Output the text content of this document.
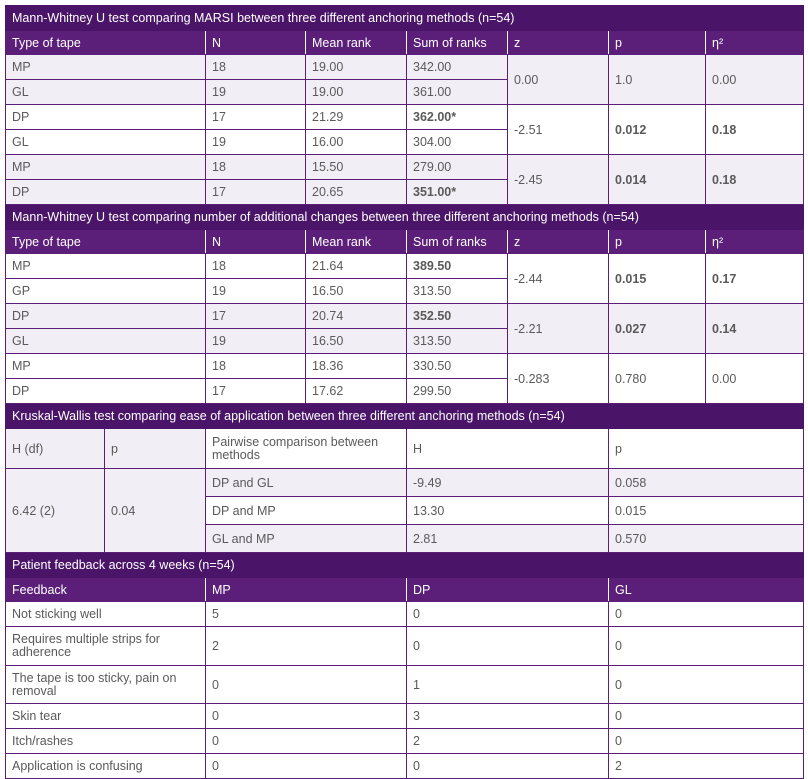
Mann-Whitney U test comparing MARSI between three different anchoring methods (n=54)							
Type of tape		N	Mean rank	Sum of ranks	z	p	η²
MP		18	19.00	342.00	0.00	1.0	0.00
GL		19	19.00	361.00			
DP		17	21.29	362.00*	-2.51	0.012	0.18
GL		19	16.00	304.00			
MP		18	15.50	279.00	-2.45	0.014	0.18
DP		17	20.65	351.00*			
Mann-Whitney U test comparing number of additional changes between three different anchoring methods (n=54)							
Type of tape		N	Mean rank	Sum of ranks	z	p	η²
MP		18	21.64	389.50	-2.44	0.015	0.17
GP		19	16.50	313.50			
DP		17	20.74	352.50	-2.21	0.027	0.14
GL		19	16.50	313.50			
MP		18	18.36	330.50	-0.283	0.780	0.00
DP		17	17.62	299.50			
Kruskal-Wallis test comparing ease of application between three different anchoring methods (n=54)							
H (df)	p	Pairwise comparison between methods		H		p	
6.42 (2)	0.04	DP and GL		-9.49		0.058	
		DP and MP		13.30		0.015	
		GL and MP		2.81		0.570	
Patient feedback across 4 weeks (n=54)							
Feedback		MP		DP		GL	
Not sticking well		5		0		0	
Requires multiple strips for adherence		2		0		0	
The tape is too sticky, pain on removal		0		1		0	
Skin tear		0		3		0	
Itch/rashes		0		2		0	
Application is confusing		0		0		2	
